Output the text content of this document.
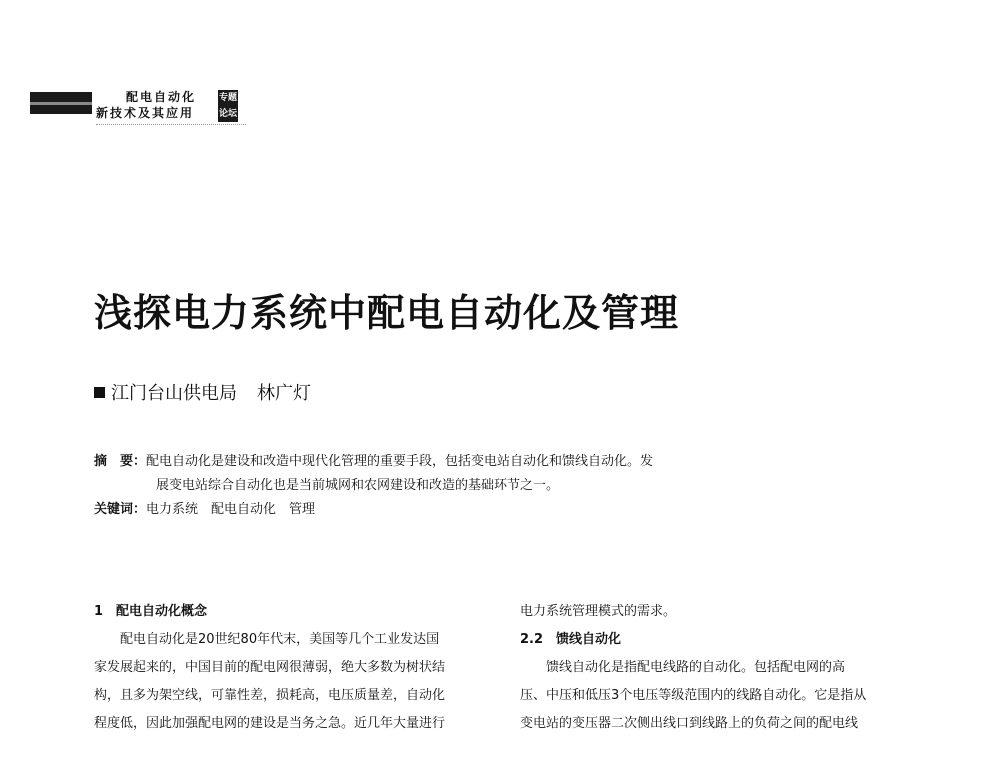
配电自动化
新技术及其应用
专题
论坛
浅探电力系统中配电自动化及管理
江门台山供电局 林广灯
摘　要：配电自动化是建设和改造中现代化管理的重要手段，包括变电站自动化和馈线自动化。发
展变电站综合自动化也是当前城网和农网建设和改造的基础环节之一。
关键词：电力系统　配电自动化　管理
1　配电自动化概念
配电自动化是20世纪80年代末，美国等几个工业发达国
家发展起来的，中国目前的配电网很薄弱，绝大多数为树状结
构，且多为架空线，可靠性差，损耗高，电压质量差，自动化
程度低，因此加强配电网的建设是当务之急。近几年大量进行
电力系统管理模式的需求。
2.2　馈线自动化
馈线自动化是指配电线路的自动化。包括配电网的高
压、中压和低压3个电压等级范围内的线路自动化。它是指从
变电站的变压器二次侧出线口到线路上的负荷之间的配电线
